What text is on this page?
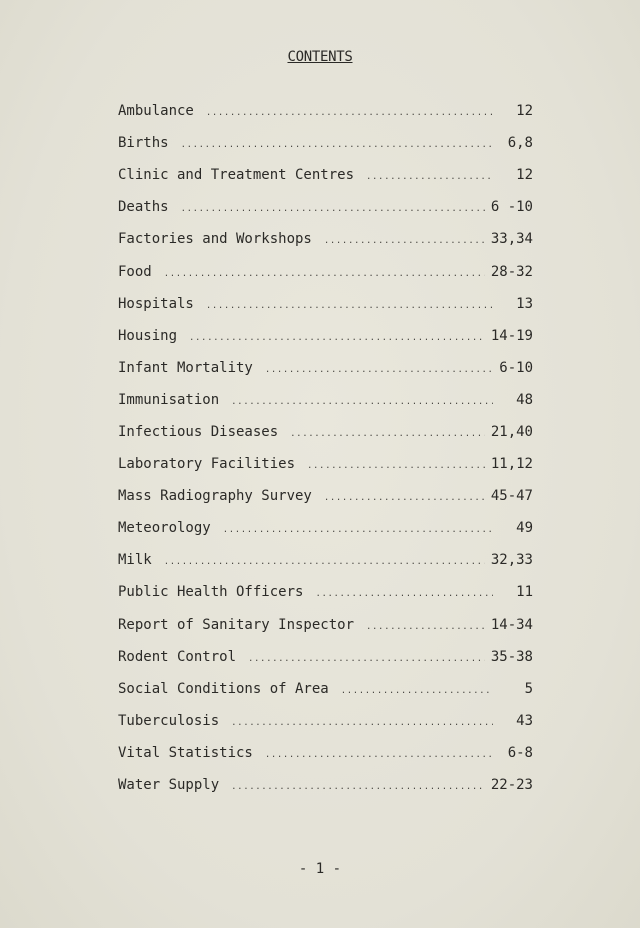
CONTENTS
Ambulance .....	12
Births .....	6,8
Clinic and Treatment Centres .....	12
Deaths .....	6 -10
Factories and Workshops .....	33,34
Food .....	28-32
Hospitals .....	13
Housing .....	14-19
Infant Mortality .....	6-10
Immunisation .....	48
Infectious Diseases .....	21,40
Laboratory Facilities .....	11,12
Mass Radiography Survey .....	45-47
Meteorology .....	49
Milk .....	32,33
Public Health Officers .....	11
Report of Sanitary Inspector .....	14-34
Rodent Control .....	35-38
Social Conditions of Area .....	5
Tuberculosis .....	43
Vital Statistics .....	6-8
Water Supply .....	22-23
- 1 -
